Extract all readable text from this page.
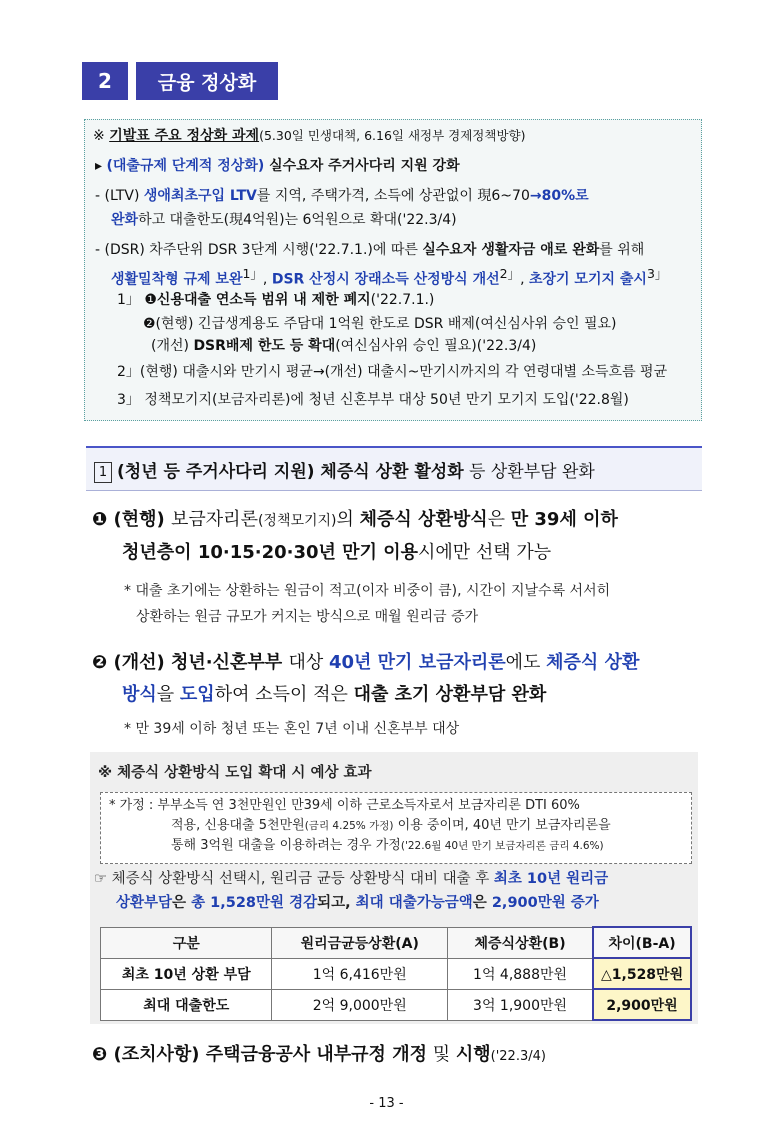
2	금융 정상화
※ 기발표 주요 정상화 과제(5.30일 민생대책, 6.16일 새정부 경제정책방향)
▸ (대출규제 단계적 정상화) 실수요자 주거사다리 지원 강화
- (LTV) 생애최초구입 LTV를 지역, 주택가격, 소득에 상관없이 現6~70→80%로
완화하고 대출한도(現4억원)는 6억원으로 확대('22.3/4)
- (DSR) 차주단위 DSR 3단계 시행('22.7.1.)에 따른 실수요자 생활자금 애로 완화를 위해
생활밀착형 규제 보완$^{1」}$, DSR 산정시 장래소득 산정방식 개선$^{2」}$, 초장기 모기지 출시$^{3」}$
1」 ❶신용대출 연소득 범위 내 제한 폐지('22.7.1.)
❷(현행) 긴급생계용도 주담대 1억원 한도로 DSR 배제(여신심사위 승인 필요)
(개선) DSR배제 한도 등 확대(여신심사위 승인 필요)('22.3/4)
2」(현행) 대출시와 만기시 평균→(개선) 대출시~만기시까지의 각 연령대별 소득흐름 평균
3」 정책모기지(보금자리론)에 청년 신혼부부 대상 50년 만기 모기지 도입('22.8월)
1 (청년 등 주거사다리 지원) 체증식 상환 활성화 등 상환부담 완화
❶ (현행) 보금자리론(정책모기지)의 체증식 상환방식은 만 39세 이하
청년층이 10·15·20·30년 만기 이용시에만 선택 가능
* 대출 초기에는 상환하는 원금이 적고(이자 비중이 큼), 시간이 지날수록 서서히
상환하는 원금 규모가 커지는 방식으로 매월 원리금 증가
❷ (개선) 청년·신혼부부 대상 40년 만기 보금자리론에도 체증식 상환
방식을 도입하여 소득이 적은 대출 초기 상환부담 완화
* 만 39세 이하 청년 또는 혼인 7년 이내 신혼부부 대상
※ 체증식 상환방식 도입 확대 시 예상 효과
* 가정 : 부부소득 연 3천만원인 만39세 이하 근로소득자로서 보금자리론 DTI 60%
적용, 신용대출 5천만원(금리 4.25% 가정) 이용 중이며, 40년 만기 보금자리론을
통해 3억원 대출을 이용하려는 경우 가정('22.6월 40년 만기 보금자리론 금리 4.6%)
☞ 체증식 상환방식 선택시, 원리금 균등 상환방식 대비 대출 후 최초 10년 원리금
상환부담은 총 1,528만원 경감되고, 최대 대출가능금액은 2,900만원 증가
구분	원리금균등상환(A)	체증식상환(B)	차이(B-A)
최초 10년 상환 부담	1억 6,416만원	1억 4,888만원	△1,528만원
최대 대출한도	2억 9,000만원	3억 1,900만원	2,900만원
❸ (조치사항) 주택금융공사 내부규정 개정 및 시행('22.3/4)
- 13 -
